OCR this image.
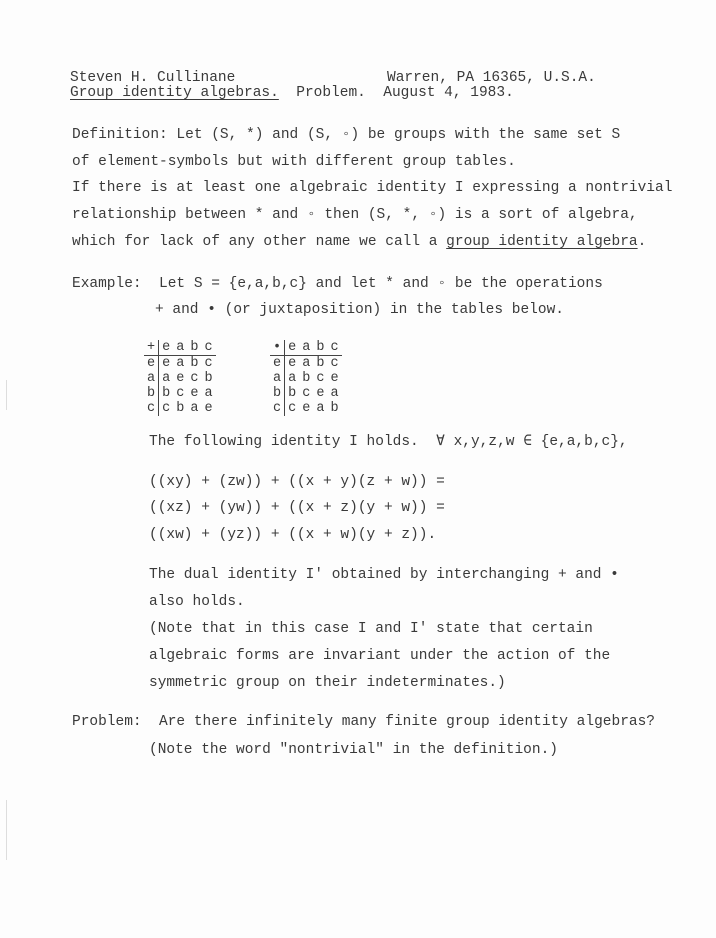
Steven H. Cullinane	Warren, PA 16365, U.S.A.
Group identity algebras. Problem.  August 4, 1983.
Definition: Let (S, *) and (S, ◦) be groups with the same set S
of element-symbols but with different group tables.
If there is at least one algebraic identity I expressing a nontrivial
relationship between * and ◦ then (S, *, ◦) is a sort of algebra,
which for lack of any other name we call a group identity algebra.
Example:  Let S = {e,a,b,c} and let * and ◦ be the operations
+ and • (or juxtaposition) in the tables below.
+	e	a	b	c
e	e	a	b	c
a	a	e	c	b
b	b	c	e	a
c	c	b	a	e
•	e	a	b	c
e	e	a	b	c
a	a	b	c	e
b	b	c	e	a
c	c	e	a	b
The following identity I holds.  ∀ x,y,z,w ∈ {e,a,b,c},
((xy) + (zw)) + ((x + y)(z + w)) =
((xz) + (yw)) + ((x + z)(y + w)) =
((xw) + (yz)) + ((x + w)(y + z)).
The dual identity I' obtained by interchanging + and •
also holds.
(Note that in this case I and I' state that certain
algebraic forms are invariant under the action of the
symmetric group on their indeterminates.)
Problem:  Are there infinitely many finite group identity algebras?
(Note the word "nontrivial" in the definition.)
